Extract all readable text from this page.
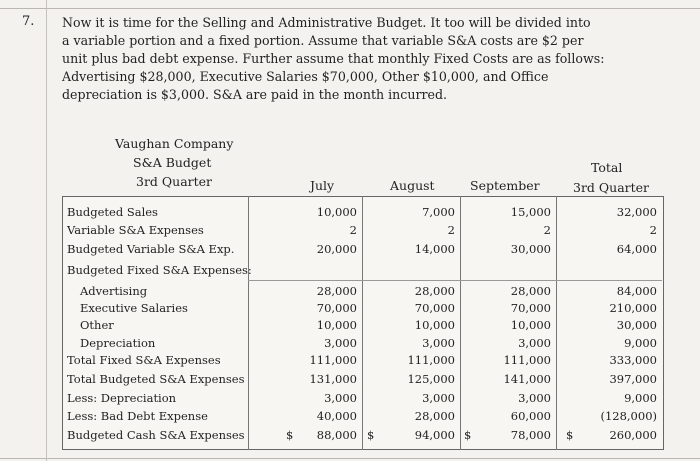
7. Now it is time for the Selling and Administrative Budget. It too will be divided into
a variable portion and a fixed portion. Assume that variable S&A costs are $2 per
unit plus bad debt expense. Further assume that monthly Fixed Costs are as follows:
Advertising $28,000, Executive Salaries $70,000, Other $10,000, and Office
depreciation is $3,000. S&A are paid in the month incurred.
Vaughan Company
S&A Budget
3rd Quarter	July	August	September
Total
3rd Quarter
Budgeted Sales	10,000	7,000	15,000	32,000
Variable S&A Expenses	2	2	2	2
Budgeted Variable S&A Exp.	20,000	14,000	30,000	64,000
Budgeted Fixed S&A Expenses:
Advertising	28,000	28,000	28,000	84,000
Executive Salaries	70,000	70,000	70,000	210,000
Other	10,000	10,000	10,000	30,000
Depreciation	3,000	3,000	3,000	9,000
Total Fixed S&A Expenses	111,000	111,000	111,000	333,000
Total Budgeted S&A Expenses	131,000	125,000	141,000	397,000
Less: Depreciation	3,000	3,000	3,000	9,000
Less: Bad Debt Expense	40,000	28,000	60,000	(128,000)
Budgeted Cash S&A Expenses	88,000	94,000	78,000	260,000
$	$	$	$
